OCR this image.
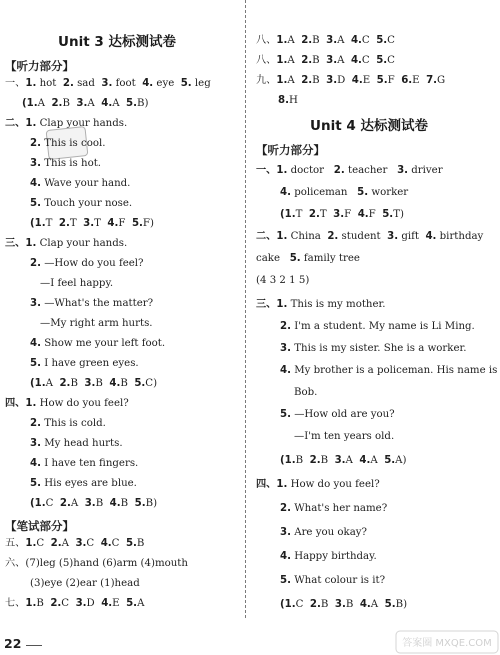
Unit 3 达标测试卷
【听力部分】
一、1. hot 2. sad 3. foot 4. eye 5. leg
(1.A 2.B 3.A 4.A 5.B)
二、1. Clap your hands.
2. This is cool.
3. This is hot.
4. Wave your hand.
5. Touch your nose.
(1.T 2.T 3.T 4.F 5.F)
三、1. Clap your hands.
2. —How do you feel?
—I feel happy.
3. —What's the matter?
—My right arm hurts.
4. Show me your left foot.
5. I have green eyes.
(1.A 2.B 3.B 4.B 5.C)
四、1. How do you feel?
2. This is cold.
3. My head hurts.
4. I have ten fingers.
5. His eyes are blue.
(1.C 2.A 3.B 4.B 5.B)
【笔试部分】
五、1.C 2.A 3.C 4.C 5.B
六、(7)leg (5)hand (6)arm (4)mouth
(3)eye (2)ear (1)head
七、1.B 2.C 3.D 4.E 5.A
八、1.A 2.B 3.A 4.C 5.C
八、1.A 2.B 3.A 4.C 5.C
九、1.A 2.B 3.D 4.E 5.F 6.E 7.G
8.H
Unit 4 达标测试卷
【听力部分】
一、1. doctor 2. teacher 3. driver
4. policeman 5. worker
(1.T 2.T 3.F 4.F 5.T)
二、1. China 2. student 3. gift 4. birthday
cake 5. family tree
(4 3 2 1 5)
三、1. This is my mother.
2. I'm a student. My name is Li Ming.
3. This is my sister. She is a worker.
4. My brother is a policeman. His name is
Bob.
5. —How old are you?
—I'm ten years old.
(1.B 2.B 3.A 4.A 5.A)
四、1. How do you feel?
2. What's her name?
3. Are you okay?
4. Happy birthday.
5. What colour is it?
(1.C 2.B 3.B 4.A 5.B)
22	答案圈 MXQE.COM
